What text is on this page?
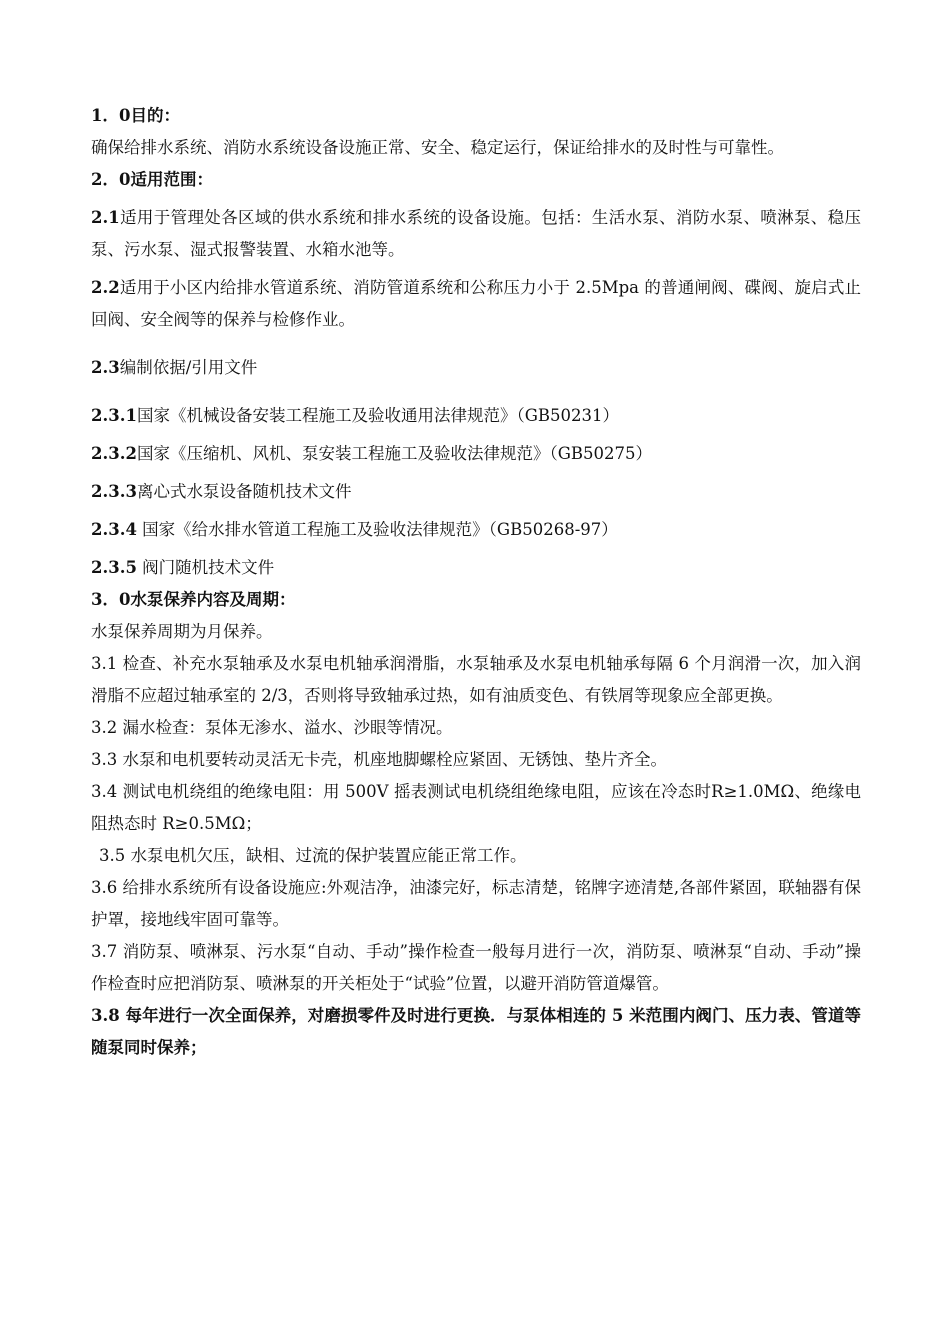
1．0目的：
确保给排水系统、消防水系统设备设施正常、安全、稳定运行，保证给排水的及时性与可靠性。
2．0适用范围：
2.1适用于管理处各区域的供水系统和排水系统的设备设施。包括：生活水泵、消防水泵、喷淋泵、稳压泵、污水泵、湿式报警装置、水箱水池等。
2.2适用于小区内给排水管道系统、消防管道系统和公称压力小于 2.5Mpa 的普通闸阀、碟阀、旋启式止回阀、安全阀等的保养与检修作业。
2.3编制依据/引用文件
2.3.1国家《机械设备安装工程施工及验收通用法律规范》（GB50231）
2.3.2国家《压缩机、风机、泵安装工程施工及验收法律规范》（GB50275）
2.3.3离心式水泵设备随机技术文件
2.3.4 国家《给水排水管道工程施工及验收法律规范》（GB50268-97）
2.3.5 阀门随机技术文件
3．0水泵保养内容及周期：
水泵保养周期为月保养。
3.1 检查、补充水泵轴承及水泵电机轴承润滑脂，水泵轴承及水泵电机轴承每隔 6 个月润滑一次，加入润滑脂不应超过轴承室的 2/3，否则将导致轴承过热，如有油质变色、有铁屑等现象应全部更换。
3.2 漏水检查：泵体无渗水、溢水、沙眼等情况。
3.3 水泵和电机要转动灵活无卡壳，机座地脚螺栓应紧固、无锈蚀、垫片齐全。
3.4 测试电机绕组的绝缘电阻：用 500V 摇表测试电机绕组绝缘电阻，应该在冷态时R≥1.0MΩ、绝缘电阻热态时 R≥0.5MΩ；
3.5 水泵电机欠压，缺相、过流的保护装置应能正常工作。
3.6 给排水系统所有设备设施应:外观洁净，油漆完好，标志清楚，铭牌字迹清楚,各部件紧固，联轴器有保护罩，接地线牢固可靠等。
3.7 消防泵、喷淋泵、污水泵“自动、手动”操作检查一般每月进行一次，消防泵、喷淋泵“自动、手动”操作检查时应把消防泵、喷淋泵的开关柜处于“试验”位置，以避开消防管道爆管。
3.8 每年进行一次全面保养，对磨损零件及时进行更换．与泵体相连的 5 米范围内阀门、压力表、管道等随泵同时保养；
